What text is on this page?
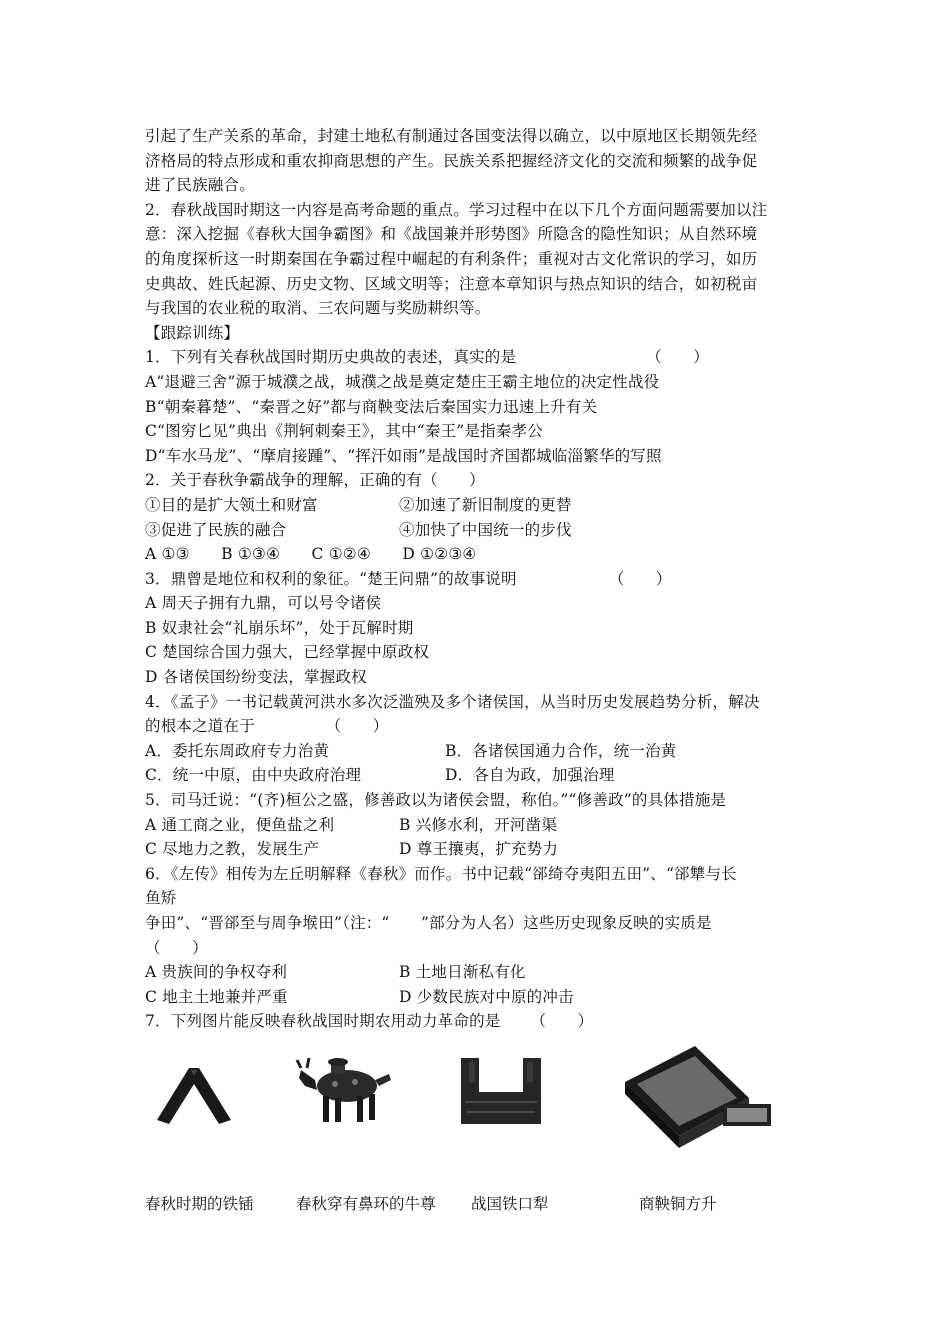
引起了生产关系的革命，封建土地私有制通过各国变法得以确立，以中原地区长期领先经
济格局的特点形成和重农抑商思想的产生。民族关系把握经济文化的交流和频繁的战争促
进了民族融合。
2．春秋战国时期这一内容是高考命题的重点。学习过程中在以下几个方面问题需要加以注
意：深入挖掘《春秋大国争霸图》和《战国兼并形势图》所隐含的隐性知识；从自然环境
的角度探析这一时期秦国在争霸过程中崛起的有利条件；重视对古文化常识的学习，如历
史典故、姓氏起源、历史文物、区域文明等；注意本章知识与热点知识的结合，如初税亩
与我国的农业税的取消、三农问题与奖励耕织等。
【跟踪训练】
1．下列有关春秋战国时期历史典故的表述，真实的是	（　　）
A“退避三舍”源于城濮之战，城濮之战是奠定楚庄王霸主地位的决定性战役
B“朝秦暮楚”、“秦晋之好”都与商鞅变法后秦国实力迅速上升有关
C“图穷匕见”典出《荆轲刺秦王》，其中“秦王”是指秦孝公
D“车水马龙”、“摩肩接踵”、“挥汗如雨”是战国时齐国都城临淄繁华的写照
2．关于春秋争霸战争的理解，正确的有（　　）
①目的是扩大领土和财富	②加速了新旧制度的更替
③促进了民族的融合	④加快了中国统一的步伐
A ①③　　B ①③④　　C ①②④　　D ①②③④
3．鼎曾是地位和权利的象征。“楚王问鼎”的故事说明	（　　）
A 周天子拥有九鼎，可以号令诸侯
B 奴隶社会“礼崩乐坏”，处于瓦解时期
C 楚国综合国力强大，已经掌握中原政权
D 各诸侯国纷纷变法，掌握政权
4．《孟子》一书记载黄河洪水多次泛滥殃及多个诸侯国，从当时历史发展趋势分析，解决
的根本之道在于　　　　　（　　）
A．委托东周政府专力治黄	B．各诸侯国通力合作，统一治黄
C．统一中原，由中央政府治理	D．各自为政，加强治理
5．司马迁说：“(齐)桓公之盛，修善政以为诸侯会盟，称伯。”“修善政”的具体措施是
A 通工商之业，便鱼盐之利	B 兴修水利，开河凿渠
C 尽地力之教，发展生产	D 尊王攘夷，扩充势力
6．《左传》相传为左丘明解释《春秋》而作。书中记载“郤绮夺夷阳五田”、“郤犨与长
鱼矫
争田”、“晋郤至与周争堠田”（注：“　　”部分为人名）这些历史现象反映的实质是
（　　）
A 贵族间的争权夺利	B 土地日渐私有化
C 地主土地兼并严重	D 少数民族对中原的冲击
7．下列图片能反映春秋战国时期农用动力革命的是 （　　）
春秋时期的铁锸	春秋穿有鼻环的牛尊 战国铁口犁	商鞅铜方升
